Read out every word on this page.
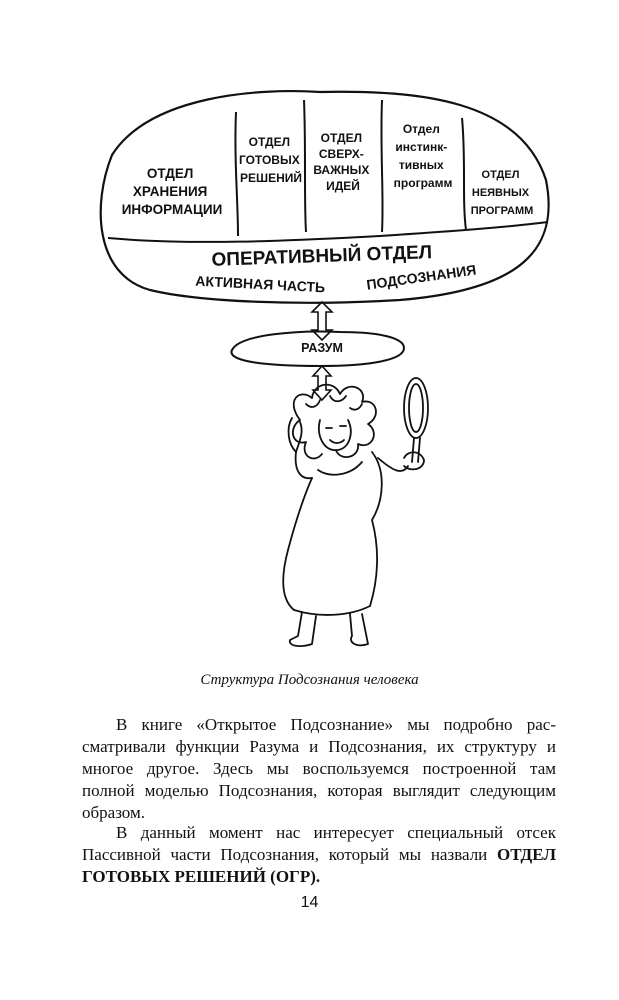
ОТДЕЛ ХРАНЕНИЯ ИНФОРМАЦИИ
ОТДЕЛ ГОТОВЫХ РЕШЕНИЙ
ОТДЕЛ СВЕРХ- ВАЖНЫХ ИДЕЙ
Отдел инстинк- тивных программ
ОТДЕЛ НЕЯВНЫХ ПРОГРАММ
ОПЕРАТИВНЫЙ ОТДЕЛ
АКТИВНАЯ ЧАСТЬ	ПОДСОЗНАНИЯ
РАЗУМ

Структура Подсознания человека

В книге «Открытое Подсознание» мы подробно рассматривали функции Разума и Подсознания, их структуру и многое другое. Здесь мы воспользуемся построенной там полной моделью Подсознания, которая выглядит следующим образом.

В данный момент нас интересует специальный отсек Пассивной части Подсознания, который мы назвали ОТДЕЛ ГОТОВЫХ РЕШЕНИЙ (ОГР).

14
